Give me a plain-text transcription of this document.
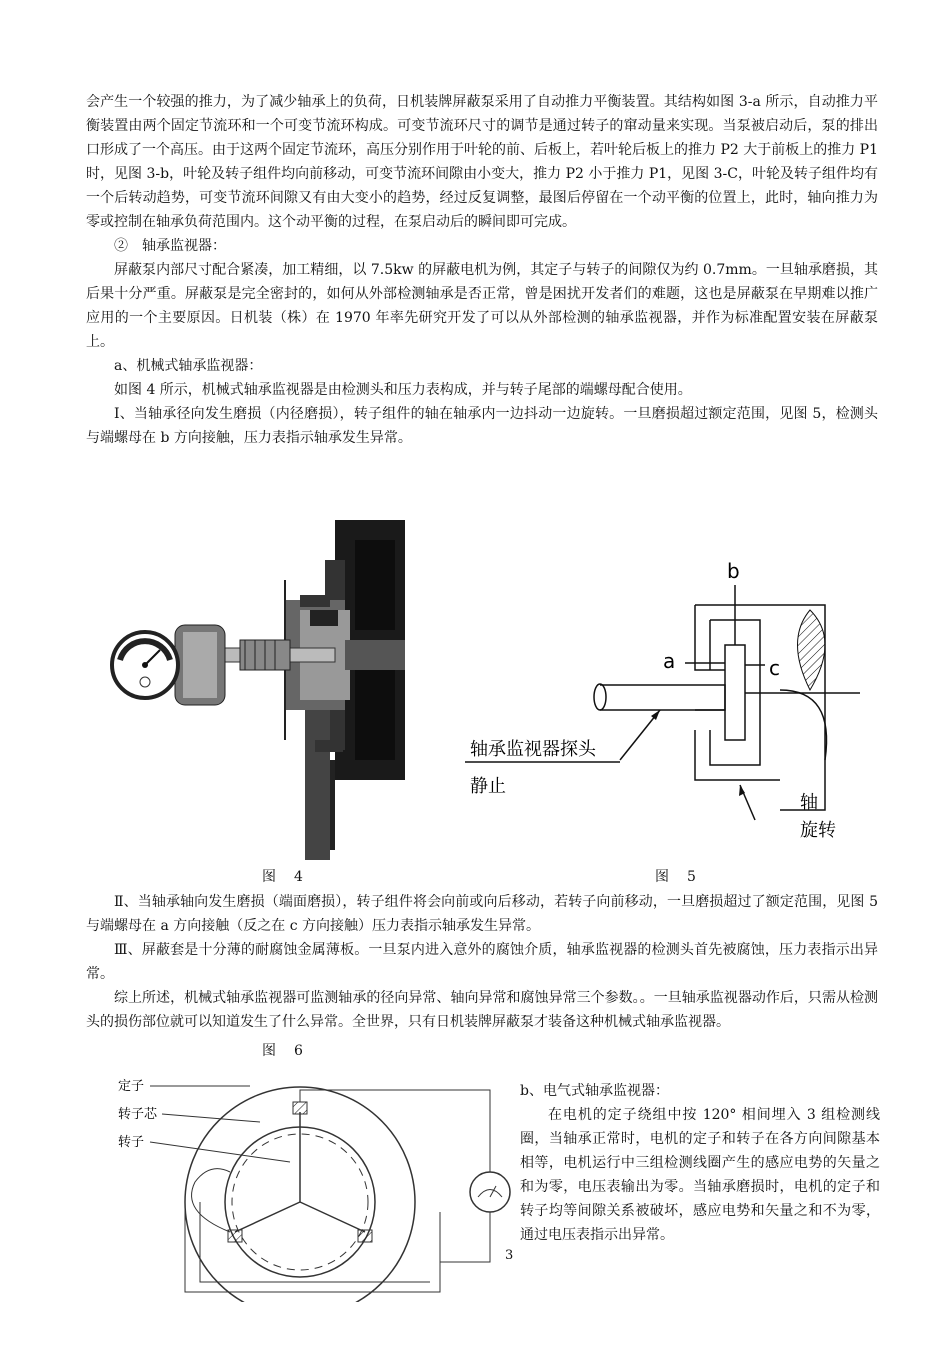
会产生一个较强的推力，为了减少轴承上的负荷，日机装牌屏蔽泵采用了自动推力平衡装置。其结构如图 3-a 所示，自动推力平衡装置由两个固定节流环和一个可变节流环构成。可变节流环尺寸的调节是通过转子的窜动量来实现。当泵被启动后，泵的排出口形成了一个高压。由于这两个固定节流环，高压分别作用于叶轮的前、后板上，若叶轮后板上的推力 P2 大于前板上的推力 P1 时，见图 3-b，叶轮及转子组件均向前移动，可变节流环间隙由小变大，推力 P2 小于推力 P1，见图 3-C，叶轮及转子组件均有一个后转动趋势，可变节流环间隙又有由大变小的趋势，经过反复调整，最图后停留在一个动平衡的位置上，此时，轴向推力为零或控制在轴承负荷范围内。这个动平衡的过程，在泵启动后的瞬间即可完成。

②　轴承监视器：

屏蔽泵内部尺寸配合紧凑，加工精细，以 7.5kw 的屏蔽电机为例，其定子与转子的间隙仅为约 0.7mm。一旦轴承磨损，其后果十分严重。屏蔽泵是完全密封的，如何从外部检测轴承是否正常，曾是困扰开发者们的难题，这也是屏蔽泵在早期难以推广应用的一个主要原因。日机装（株）在 1970 年率先研究开发了可以从外部检测的轴承监视器，并作为标准配置安装在屏蔽泵上。

a、机械式轴承监视器：

如图 4 所示，机械式轴承监视器是由检测头和压力表构成，并与转子尾部的端螺母配合使用。

Ⅰ、当轴承径向发生磨损（内径磨损），转子组件的轴在轴承内一边抖动一边旋转。一旦磨损超过额定范围，见图 5，检测头与端螺母在 b 方向接触，压力表指示轴承发生异常。

b
a	c
轴承监视器探头
静止
轴
旋转
图　4	图　5

Ⅱ、当轴承轴向发生磨损（端面磨损），转子组件将会向前或向后移动，若转子向前移动，一旦磨损超过了额定范围，见图 5 与端螺母在 a 方向接触（反之在 c 方向接触）压力表指示轴承发生异常。

Ⅲ、屏蔽套是十分薄的耐腐蚀金属薄板。一旦泵内进入意外的腐蚀介质，轴承监视器的检测头首先被腐蚀，压力表指示出异常。

综上所述，机械式轴承监视器可监测轴承的径向异常、轴向异常和腐蚀异常三个参数。。一旦轴承监视器动作后，只需从检测头的损伤部位就可以知道发生了什么异常。全世界，只有日机装牌屏蔽泵才装备这种机械式轴承监视器。

图　6
定子
转子芯
转子

b、电气式轴承监视器：

在电机的定子绕组中按 120° 相间埋入 3 组检测线圈，当轴承正常时，电机的定子和转子在各方向间隙基本相等，电机运行中三组检测线圈产生的感应电势的矢量之和为零，电压表输出为零。当轴承磨损时，电机的定子和转子均等间隙关系被破坏，感应电势和矢量之和不为零，通过电压表指示出异常。

3
